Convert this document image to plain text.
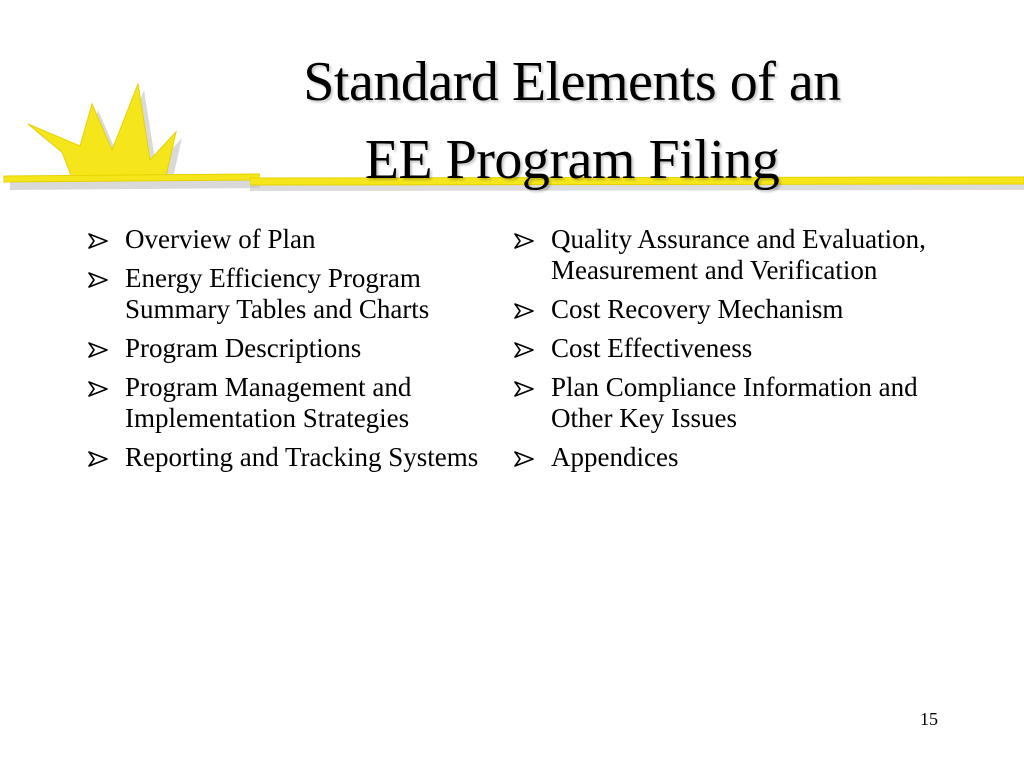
Standard Elements of an
EE Program Filing
Overview of Plan
Energy Efficiency Program Summary Tables and Charts
Program Descriptions
Program Management and Implementation Strategies
Reporting and Tracking Systems
Quality Assurance and Evaluation, Measurement and Verification
Cost Recovery Mechanism
Cost Effectiveness
Plan Compliance Information and Other Key Issues
Appendices
15
